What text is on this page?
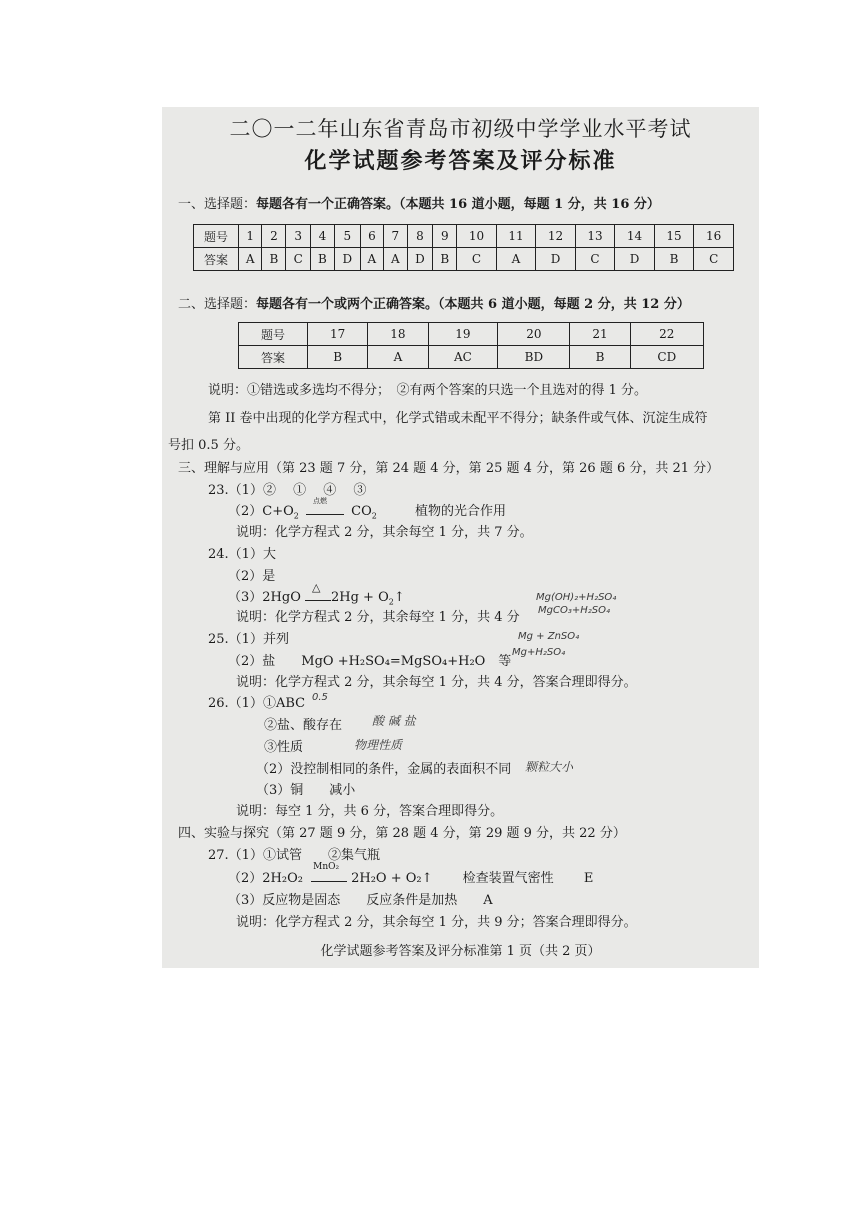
二〇一二年山东省青岛市初级中学学业水平考试
化学试题参考答案及评分标准
一、选择题：每题各有一个正确答案。（本题共 16 道小题，每题 1 分，共 16 分）
题号	1	2	3	4	5	6	7	8	9	10	11	12	13	14	15	16
答案	A	B	C	B	D	A	A	D	B	C	A	D	C	D	B	C
二、选择题：每题各有一个或两个正确答案。（本题共 6 道小题，每题 2 分，共 12 分）
题号	17	18	19	20	21	22
答案	B	A	AC	BD	B	CD
说明：①错选或多选均不得分；　②有两个答案的只选一个且选对的得 1 分。
第 II 卷中出现的化学方程式中，化学式错或未配平不得分；缺条件或气体、沉淀生成符
号扣 0.5 分。
三、理解与应用（第 23 题 7 分，第 24 题 4 分，第 25 题 4 分，第 26 题 6 分，共 21 分）
23.（1）②　 ①　 ④　 ③
$(2)C+O_2$
点燃
$CO_2$	植物的光合作用
说明：化学方程式 2 分，其余每空 1 分，共 7 分。
24.（1）大
（2）是
（3）2HgO
△
$2Hg + O_2↑$
说明：化学方程式 2 分，其余每空 1 分，共 4 分
Mg(OH)₂+H₂SO₄
MgCO₃+H₂SO₄
Mg + ZnSO₄
Mg+H₂SO₄
25.（1）并列
（2）盐　　MgO +H₂SO₄=MgSO₄+H₂O　等
说明：化学方程式 2 分，其余每空 1 分，共 4 分，答案合理即得分。
26.（1）①ABC 0.5
②盐、酸存在 酸 碱 盐
③性质	物理性质
（2）没控制相同的条件，金属的表面积不同 颗粒大小
（3）铜　　减小
说明：每空 1 分，共 6 分，答案合理即得分。
四、实验与探究（第 27 题 9 分，第 28 题 4 分，第 29 题 9 分，共 22 分）
27.（1）①试管　　②集气瓶
（2）2H₂O₂
MnO₂
2H₂O + O₂↑ 检查装置气密性 E
（3）反应物是固态　　反应条件是加热　　A
说明：化学方程式 2 分，其余每空 1 分，共 9 分；答案合理即得分。
化学试题参考答案及评分标准第 1 页（共 2 页）
